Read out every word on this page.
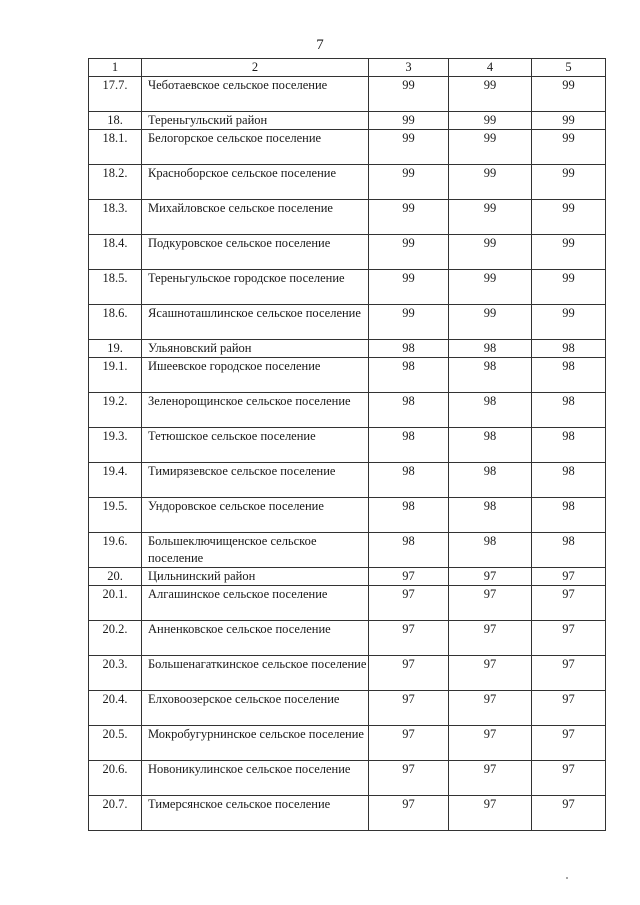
7
1	2	3	4	5
17.7.	Чеботаевское сельское поселение	99	99	99
18.	Тереньгульский район	99	99	99
18.1.	Белогорское сельское поселение	99	99	99
18.2.	Красноборское сельское поселение	99	99	99
18.3.	Михайловское сельское поселение	99	99	99
18.4.	Подкуровское сельское поселение	99	99	99
18.5.	Тереньгульское городское поселение	99	99	99
18.6.	Ясашноташлинское сельское поселение	99	99	99
19.	Ульяновский район	98	98	98
19.1.	Ишеевское городское поселение	98	98	98
19.2.	Зеленорощинское сельское поселение	98	98	98
19.3.	Тетюшское сельское поселение	98	98	98
19.4.	Тимирязевское сельское поселение	98	98	98
19.5.	Ундоровское сельское поселение	98	98	98
19.6.	Большеключищенское сельское поселение	98	98	98
20.	Цильнинский район	97	97	97
20.1.	Алгашинское сельское поселение	97	97	97
20.2.	Анненковское сельское поселение	97	97	97
20.3.	Большенагаткинское сельское поселение	97	97	97
20.4.	Елховоозерское сельское поселение	97	97	97
20.5.	Мокробугурнинское сельское поселение	97	97	97
20.6.	Новоникулинское сельское поселение	97	97	97
20.7.	Тимерсянское сельское поселение	97	97	97
